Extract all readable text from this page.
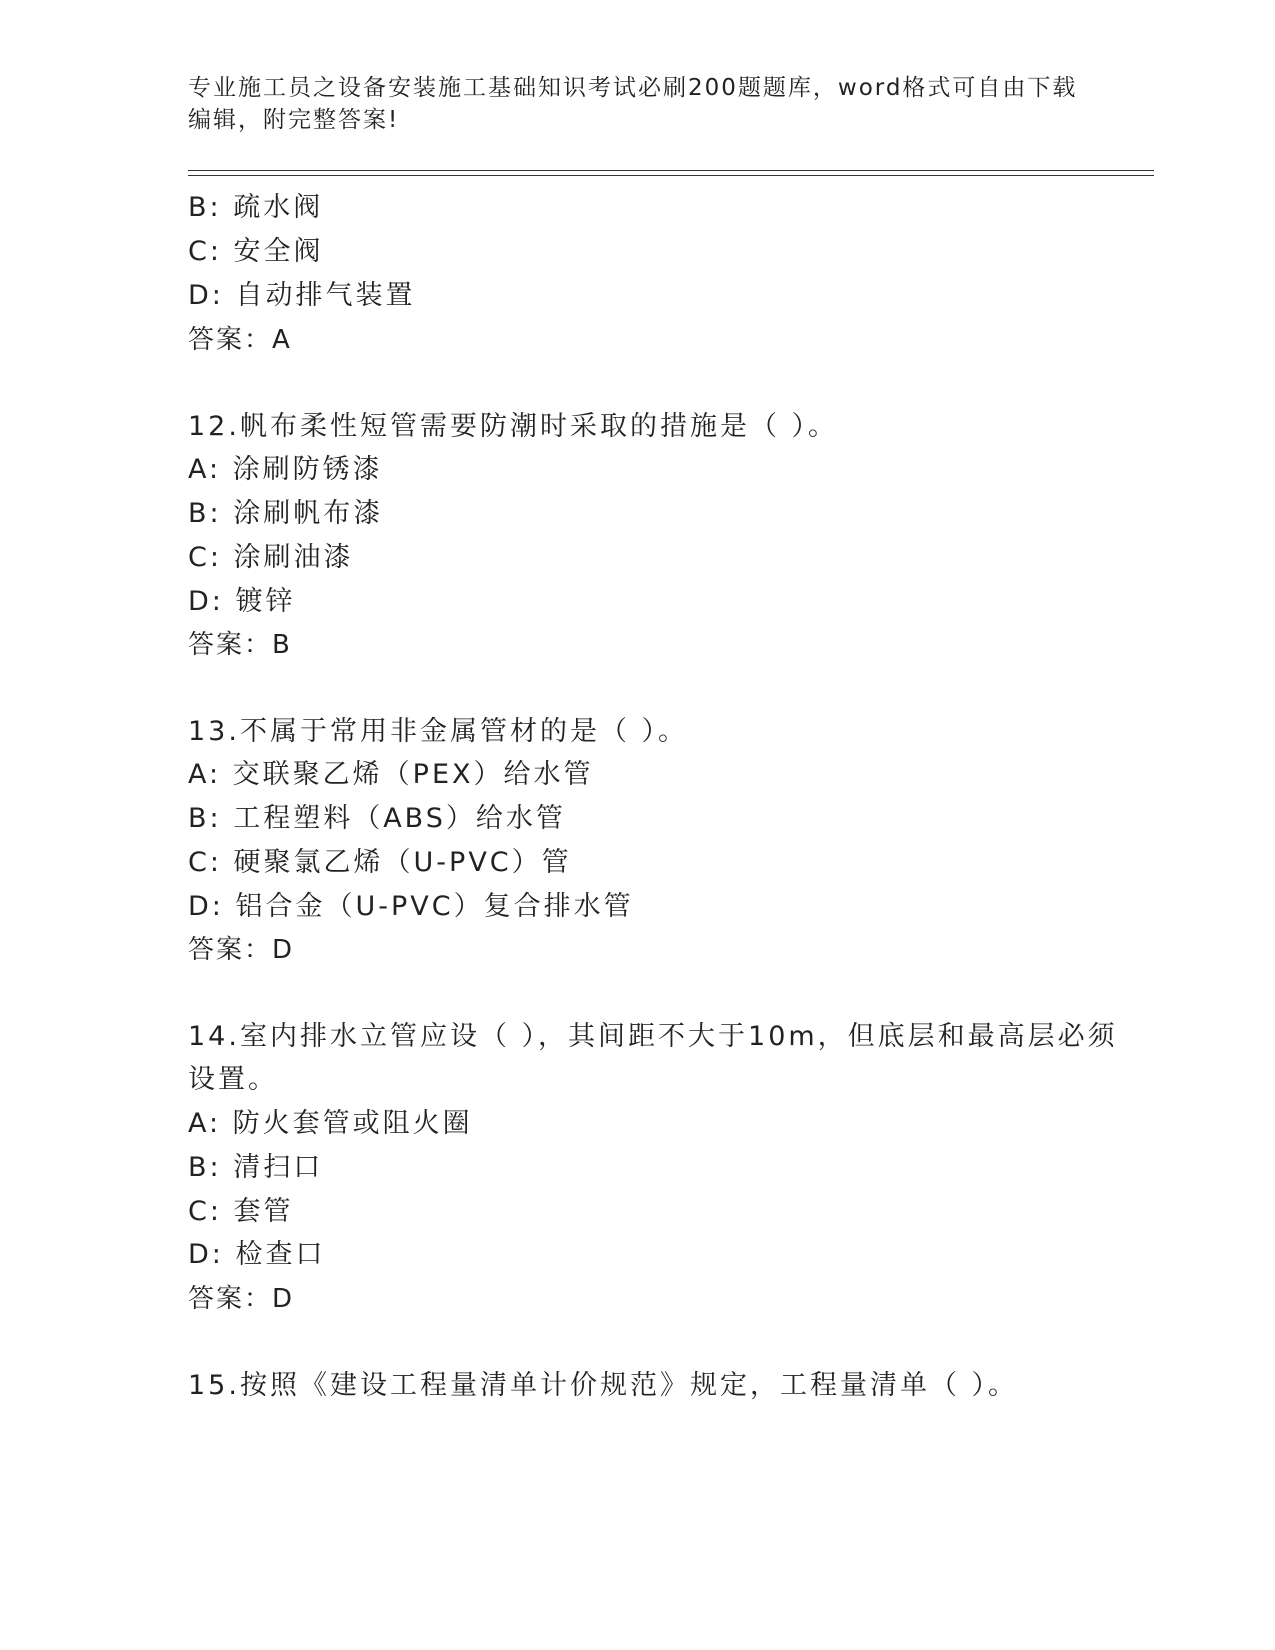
专业施工员之设备安装施工基础知识考试必刷200题题库，word格式可自由下载
编辑，附完整答案!
B: 疏水阀
C: 安全阀
D: 自动排气装置
答案：A
12.帆布柔性短管需要防潮时采取的措施是（ ）。
A: 涂刷防锈漆
B: 涂刷帆布漆
C: 涂刷油漆
D: 镀锌
答案：B
13.不属于常用非金属管材的是（ ）。
A: 交联聚乙烯（PEX）给水管
B: 工程塑料（ABS）给水管
C: 硬聚氯乙烯（U-PVC）管
D: 铝合金（U-PVC）复合排水管
答案：D
14.室内排水立管应设（ ），其间距不大于10m，但底层和最高层必须
设置。
A: 防火套管或阻火圈
B: 清扫口
C: 套管
D: 检查口
答案：D
15.按照《建设工程量清单计价规范》规定，工程量清单（ ）。
